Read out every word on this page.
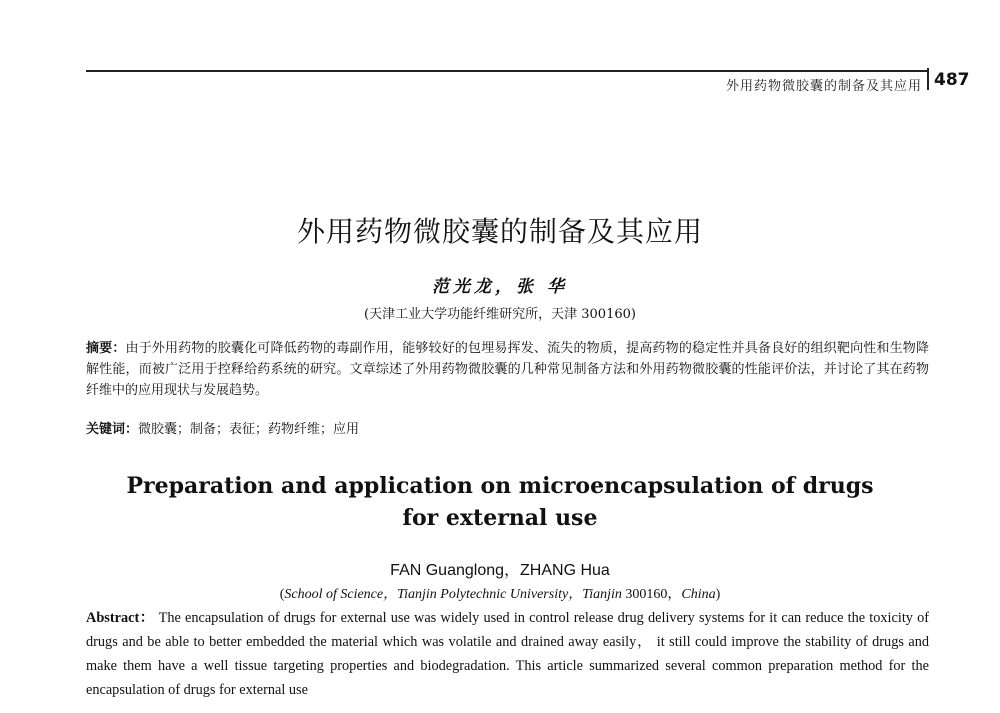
外用药物微胶囊的制备及其应用 487
外用药物微胶囊的制备及其应用
范光龙，张 华
(天津工业大学功能纤维研究所，天津 300160)
摘要：由于外用药物的胶囊化可降低药物的毒副作用，能够较好的包埋易挥发、流失的物质，提高药物的稳定性并具备良好的组织靶向性和生物降解性能，而被广泛用于控释给药系统的研究。文章综述了外用药物微胶囊的几种常见制备方法和外用药物微胶囊的性能评价法，并讨论了其在药物纤维中的应用现状与发展趋势。
关键词：微胶囊；制备；表征；药物纤维；应用
Preparation and application on microencapsulation of drugs
for external use
FAN Guanglong，ZHANG Hua
(School of Science，Tianjin Polytechnic University，Tianjin 300160，China)
Abstract： The encapsulation of drugs for external use was widely used in control release drug delivery systems for it can reduce the toxicity of drugs and be able to better embedded the material which was volatile and drained away easily， it still could improve the stability of drugs and make them have a well tissue targeting properties and biodegradation. This article summarized several common preparation method for the encapsulation of drugs for external use
